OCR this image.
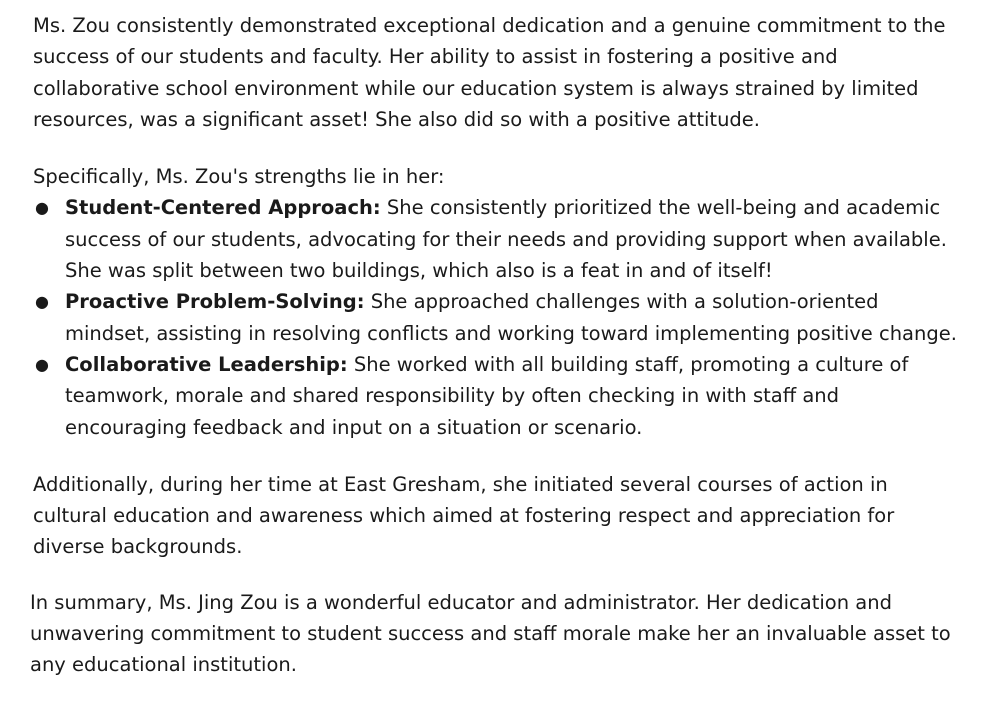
Ms. Zou consistently demonstrated exceptional dedication and a genuine commitment to the success of our students and faculty. Her ability to assist in fostering a positive and collaborative school environment while our education system is always strained by limited resources, was a significant asset! She also did so with a positive attitude.

Specifically, Ms. Zou's strengths lie in her:

● Student-Centered Approach: She consistently prioritized the well-being and academic success of our students, advocating for their needs and providing support when available. She was split between two buildings, which also is a feat in and of itself!
● Proactive Problem-Solving: She approached challenges with a solution-oriented mindset, assisting in resolving conflicts and working toward implementing positive change.
● Collaborative Leadership: She worked with all building staff, promoting a culture of teamwork, morale and shared responsibility by often checking in with staff and encouraging feedback and input on a situation or scenario.

Additionally, during her time at East Gresham, she initiated several courses of action in cultural education and awareness which aimed at fostering respect and appreciation for diverse backgrounds.

In summary, Ms. Jing Zou is a wonderful educator and administrator. Her dedication and unwavering commitment to student success and staff morale make her an invaluable asset to any educational institution.
